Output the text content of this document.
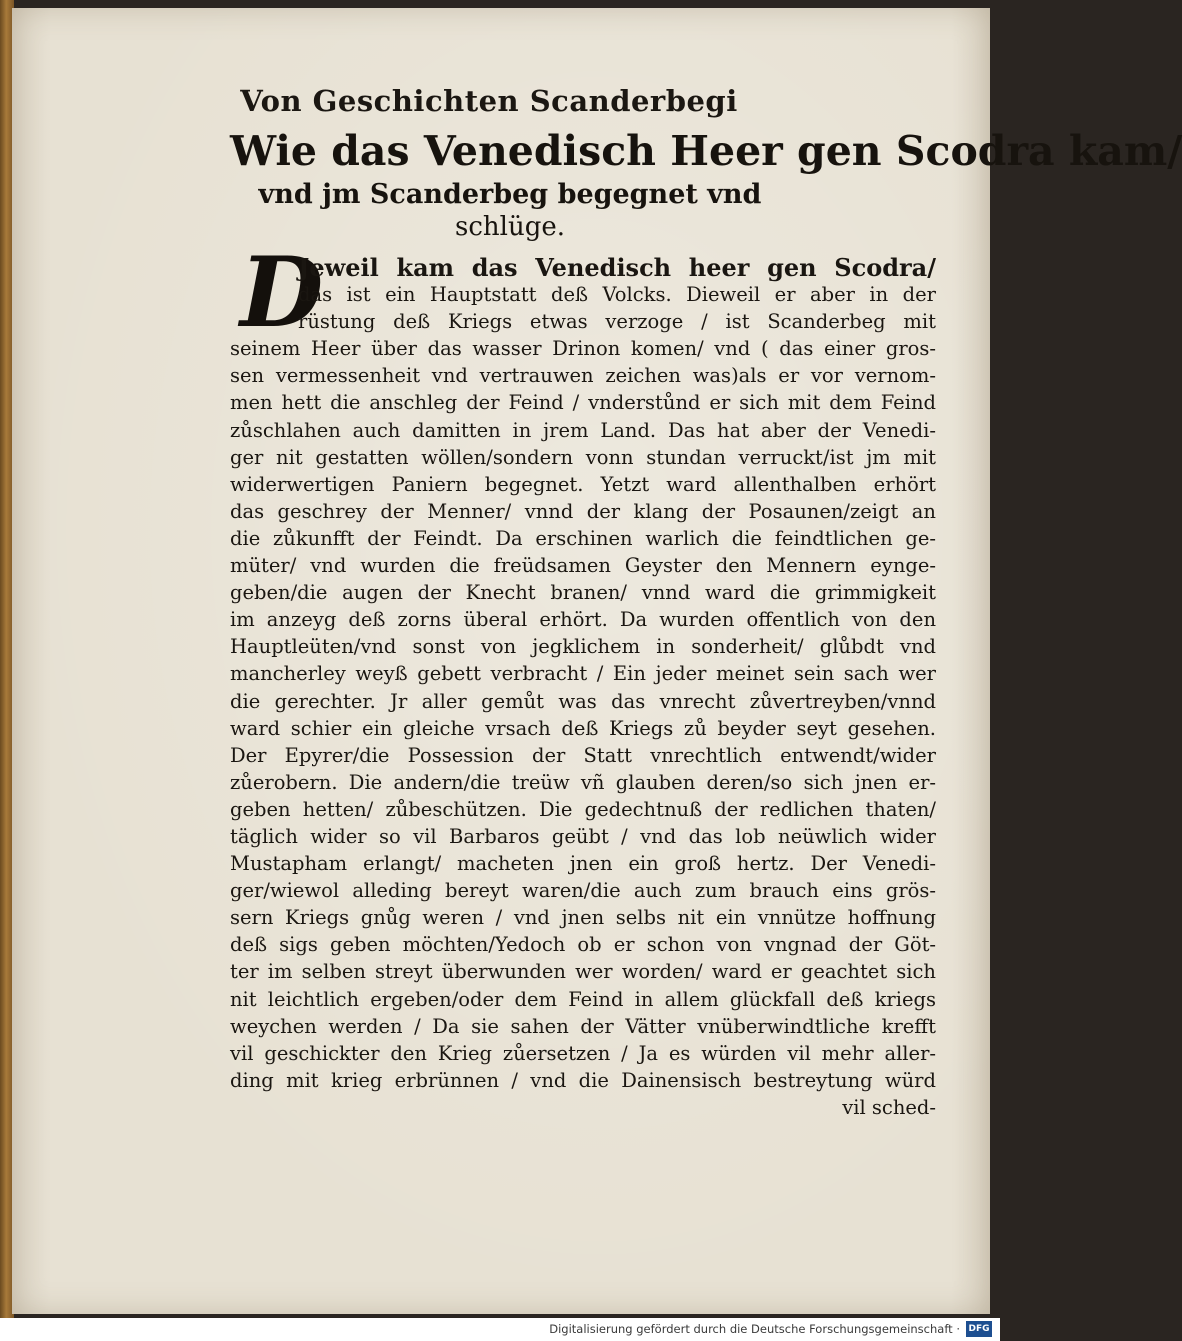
Von Geschichten Scanderbegi
Wie das Venedisch Heer gen Scodra kam/
vnd jm Scanderbeg begegnet vnd
schlüge.
D
Jeweil kam das Venedisch heer gen Scodra/
das ist ein Hauptstatt deß Volcks. Dieweil er aber in der
rüstung deß Kriegs etwas verzoge / ist Scanderbeg mit
seinem Heer über das wasser Drinon komen/ vnd ( das einer gros-
sen vermessenheit vnd vertrauwen zeichen was)als er vor vernom-
men hett die anschleg der Feind / vnderstůnd er sich mit dem Feind
zůschlahen auch damitten in jrem Land. Das hat aber der Venedi-
ger nit gestatten wöllen/sondern vonn stundan verruckt/ist jm mit
widerwertigen Paniern begegnet. Yetzt ward allenthalben erhört
das geschrey der Menner/ vnnd der klang der Posaunen/zeigt an
die zůkunfft der Feindt. Da erschinen warlich die feindtlichen ge-
müter/ vnd wurden die freüdsamen Geyster den Mennern eynge-
geben/die augen der Knecht branen/ vnnd ward die grimmigkeit
im anzeyg deß zorns überal erhört. Da wurden offentlich von den
Hauptleüten/vnd sonst von jegklichem in sonderheit/ glůbdt vnd
mancherley weyß gebett verbracht / Ein jeder meinet sein sach wer
die gerechter. Jr aller gemůt was das vnrecht zůvertreyben/vnnd
ward schier ein gleiche vrsach deß Kriegs zů beyder seyt gesehen.
Der Epyrer/die Possession der Statt vnrechtlich entwendt/wider
zůerobern. Die andern/die treüw vñ glauben deren/so sich jnen er-
geben hetten/ zůbeschützen. Die gedechtnuß der redlichen thaten/
täglich wider so vil Barbaros geübt / vnd das lob neüwlich wider
Mustapham erlangt/ macheten jnen ein groß hertz. Der Venedi-
ger/wiewol alleding bereyt waren/die auch zum brauch eins grös-
sern Kriegs gnůg weren / vnd jnen selbs nit ein vnnütze hoffnung
deß sigs geben möchten/Yedoch ob er schon von vngnad der Göt-
ter im selben streyt überwunden wer worden/ ward er geachtet sich
nit leichtlich ergeben/oder dem Feind in allem glückfall deß kriegs
weychen werden / Da sie sahen der Vätter vnüberwindtliche krefft
vil geschickter den Krieg zůersetzen / Ja es würden vil mehr aller-
ding mit krieg erbrünnen / vnd die Dainensisch bestreytung würd
vil sched-
Digitalisierung gefördert durch die Deutsche Forschungsgemeinschaft · DFG
